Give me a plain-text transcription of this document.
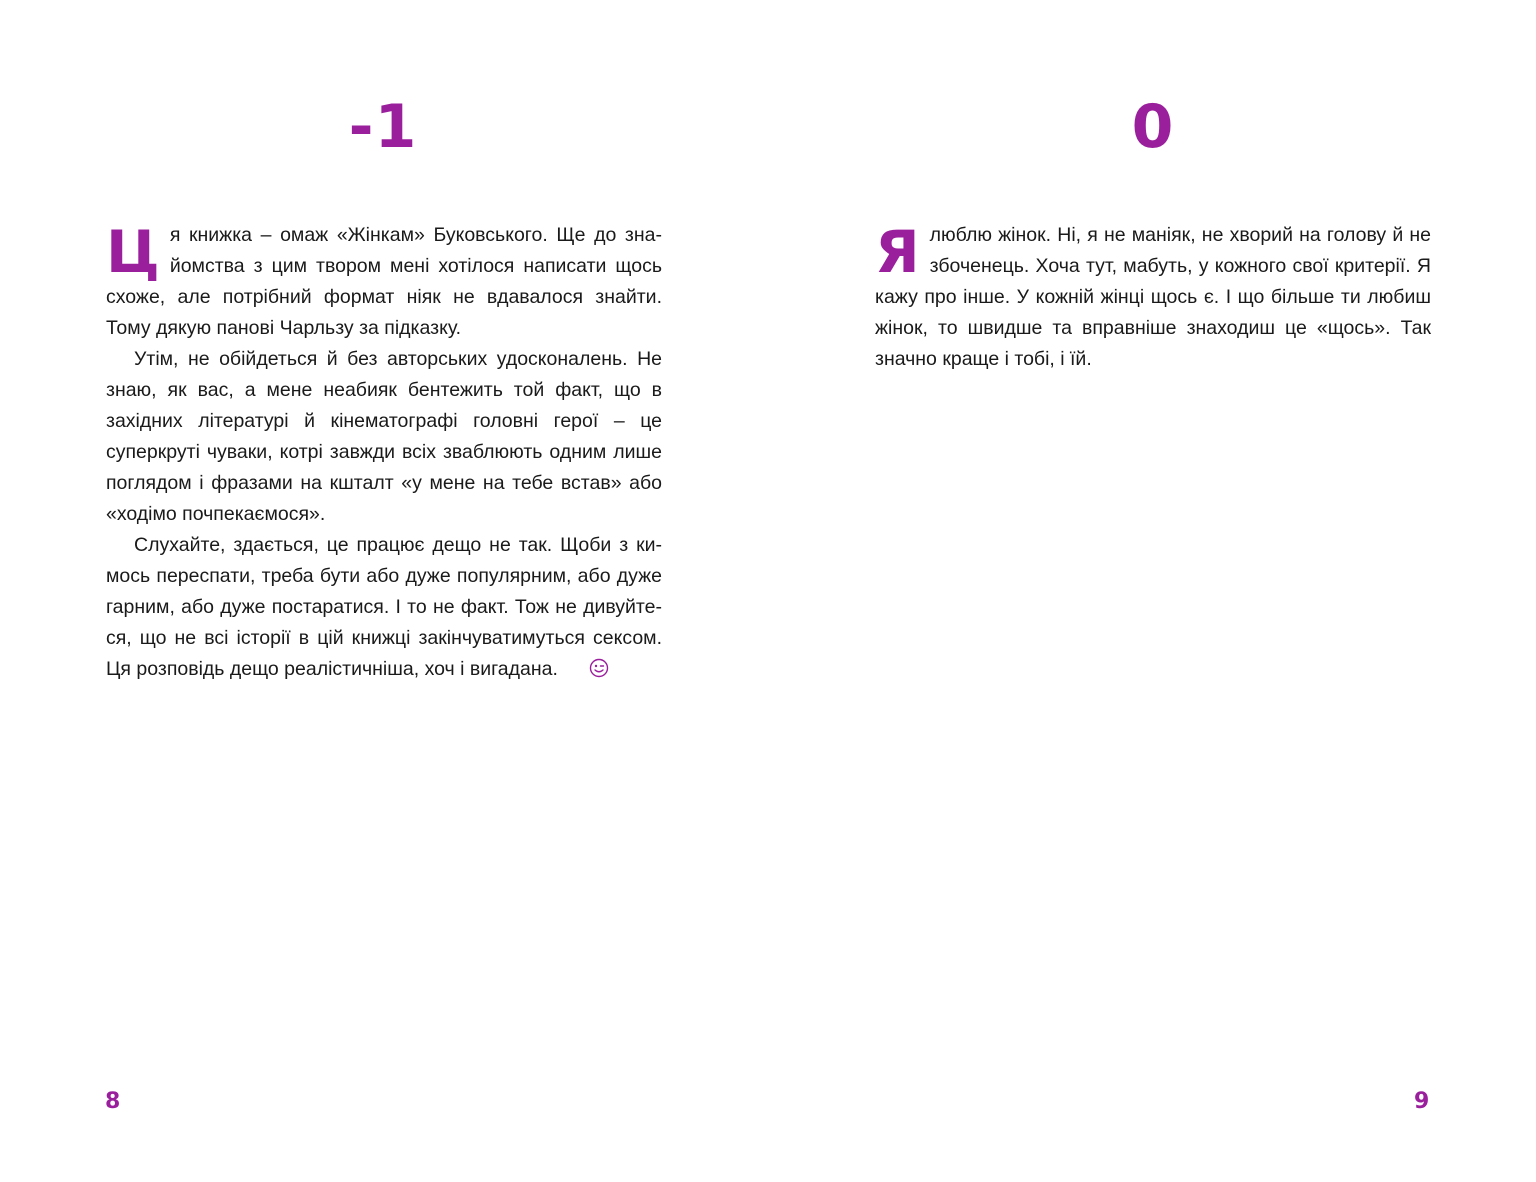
-1

Ця книжка – омаж «Жінкам» Буковського. Ще до знайомства з цим твором мені хотілося написати щось схоже, але потрібний формат ніяк не вдавалося знайти. Тому дякую панові Чарльзу за підказку.

Утім, не обійдеться й без авторських удосконалень. Не знаю, як вас, а мене неабияк бентежить той факт, що в західних літературі й кінематографі головні герої – це суперкруті чуваки, котрі завжди всіх зваблюють одним лише поглядом і фразами на кшталт «у мене на тебе встав» або «ходімо почпекаємося».

Слухайте, здається, це працює дещо не так. Щоби з кимось переспати, треба бути або дуже популярним, або дуже гарним, або дуже постаратися. І то не факт. Тож не дивуйтеся, що не всі історії в цій книжці закінчуватимуться сексом. Ця розповідь дещо реалістичніша, хоч і вигадана.

8
0

Ялюблю жінок. Ні, я не маніяк, не хворий на голову й не збоченець. Хоча тут, мабуть, у кожного свої критерії. Я кажу про інше. У кожній жінці щось є. І що більше ти любиш жінок, то швидше та вправніше знаходиш це «щось». Так значно краще і тобі, і їй.

9
